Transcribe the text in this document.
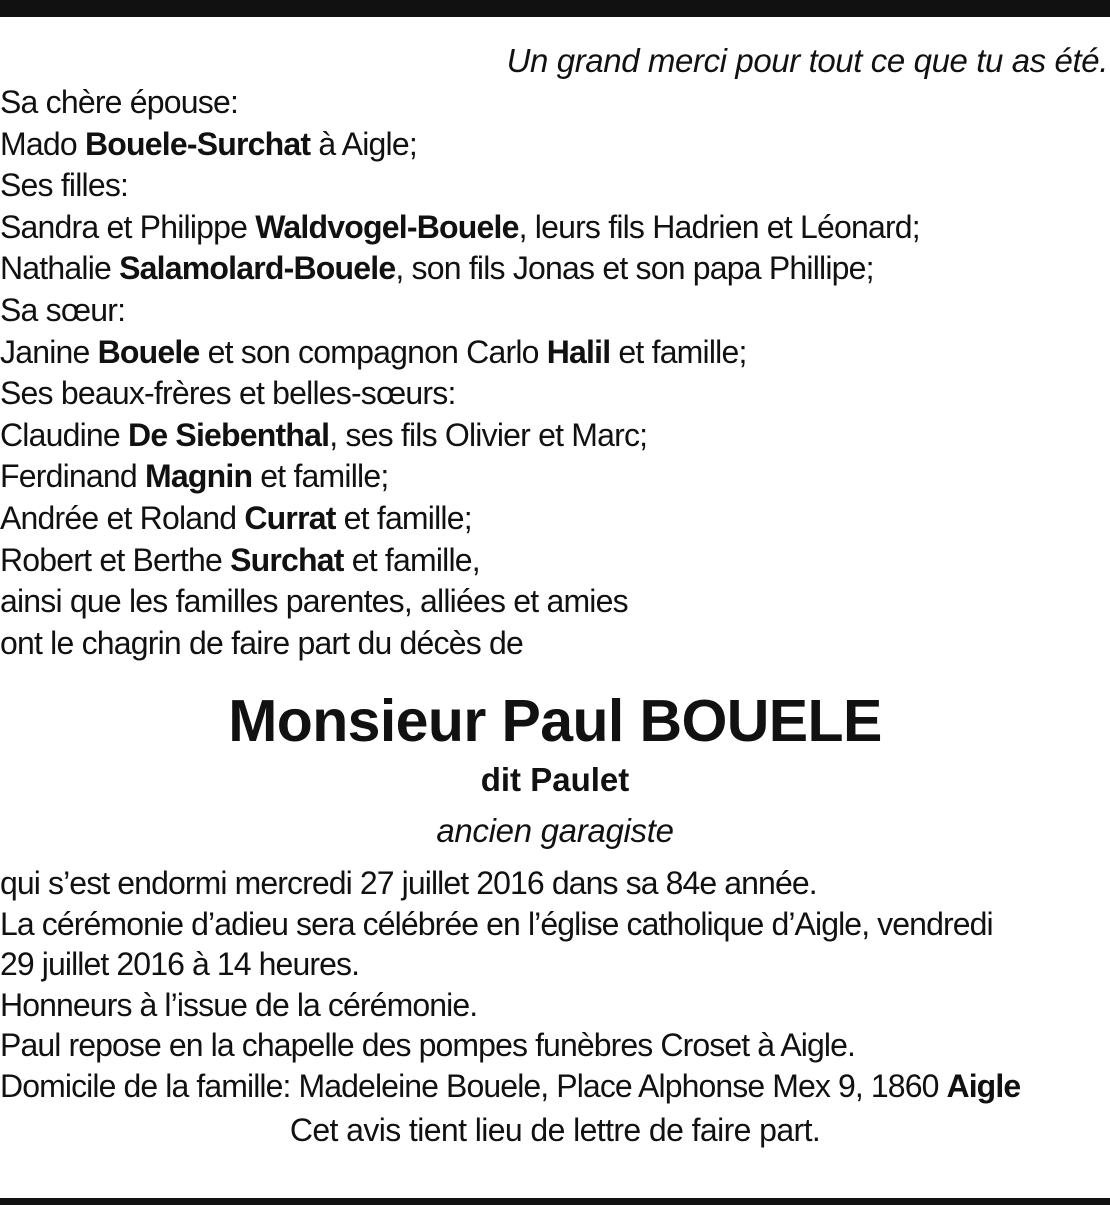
Un grand merci pour tout ce que tu as été.
Sa chère épouse:
Mado Bouele-Surchat à Aigle;
Ses filles:
Sandra et Philippe Waldvogel-Bouele, leurs fils Hadrien et Léonard;
Nathalie Salamolard-Bouele, son fils Jonas et son papa Phillipe;
Sa sœur:
Janine Bouele et son compagnon Carlo Halil et famille;
Ses beaux-frères et belles-sœurs:
Claudine De Siebenthal, ses fils Olivier et Marc;
Ferdinand Magnin et famille;
Andrée et Roland Currat et famille;
Robert et Berthe Surchat et famille,
ainsi que les familles parentes, alliées et amies
ont le chagrin de faire part du décès de
Monsieur Paul BOUELE
dit Paulet
ancien garagiste
qui s’est endormi mercredi 27 juillet 2016 dans sa 84e année.
La cérémonie d’adieu sera célébrée en l’église catholique d’Aigle, vendredi
29 juillet 2016 à 14 heures.
Honneurs à l’issue de la cérémonie.
Paul repose en la chapelle des pompes funèbres Croset à Aigle.
Domicile de la famille: Madeleine Bouele, Place Alphonse Mex 9, 1860 Aigle
Cet avis tient lieu de lettre de faire part.
